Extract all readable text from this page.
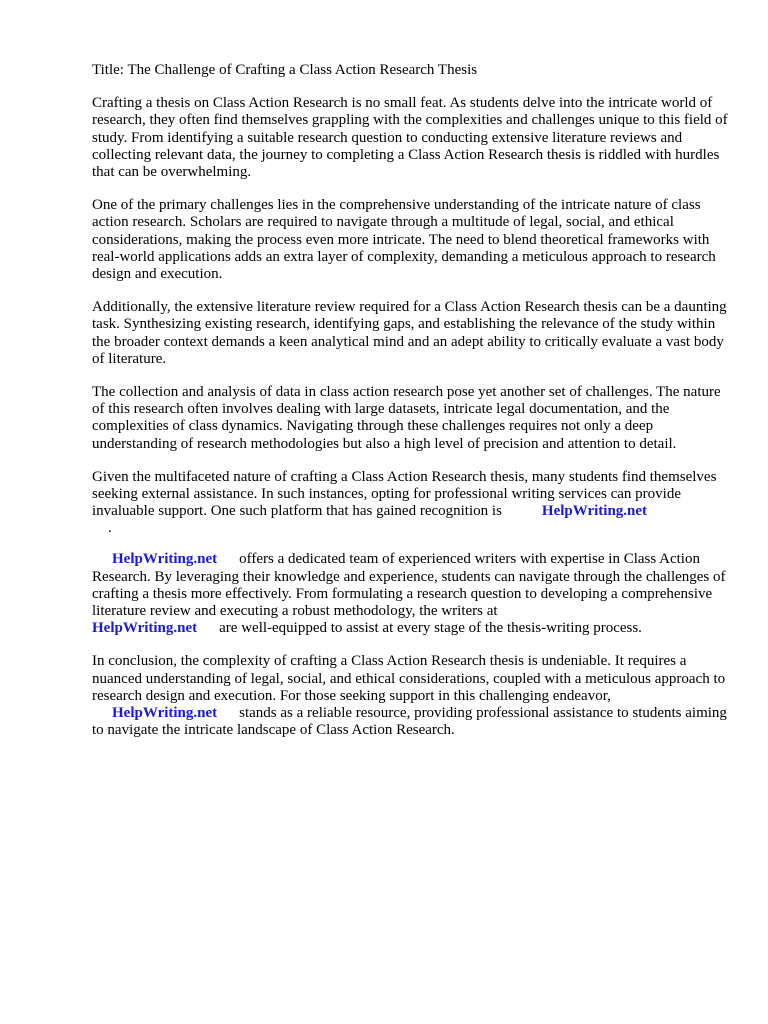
Title: The Challenge of Crafting a Class Action Research Thesis

Crafting a thesis on Class Action Research is no small feat. As students delve into the intricate world of research, they often find themselves grappling with the complexities and challenges unique to this field of study. From identifying a suitable research question to conducting extensive literature reviews and collecting relevant data, the journey to completing a Class Action Research thesis is riddled with hurdles that can be overwhelming.

One of the primary challenges lies in the comprehensive understanding of the intricate nature of class action research. Scholars are required to navigate through a multitude of legal, social, and ethical considerations, making the process even more intricate. The need to blend theoretical frameworks with real-world applications adds an extra layer of complexity, demanding a meticulous approach to research design and execution.

Additionally, the extensive literature review required for a Class Action Research thesis can be a daunting task. Synthesizing existing research, identifying gaps, and establishing the relevance of the study within the broader context demands a keen analytical mind and an adept ability to critically evaluate a vast body of literature.

The collection and analysis of data in class action research pose yet another set of challenges. The nature of this research often involves dealing with large datasets, intricate legal documentation, and the complexities of class dynamics. Navigating through these challenges requires not only a deep understanding of research methodologies but also a high level of precision and attention to detail.

Given the multifaceted nature of crafting a Class Action Research thesis, many students find themselves seeking external assistance. In such instances, opting for professional writing services can provide invaluable support. One such platform that has gained recognition is	HelpWriting.net
.

HelpWriting.net offers a dedicated team of experienced writers with expertise in Class Action Research. By leveraging their knowledge and experience, students can navigate through the challenges of crafting a thesis more effectively. From formulating a research question to developing a comprehensive literature review and executing a robust methodology, the writers at
HelpWriting.net are well-equipped to assist at every stage of the thesis-writing process.

In conclusion, the complexity of crafting a Class Action Research thesis is undeniable. It requires a nuanced understanding of legal, social, and ethical considerations, coupled with a meticulous approach to research design and execution. For those seeking support in this challenging endeavor,
HelpWriting.net stands as a reliable resource, providing professional assistance to students aiming to navigate the intricate landscape of Class Action Research.
